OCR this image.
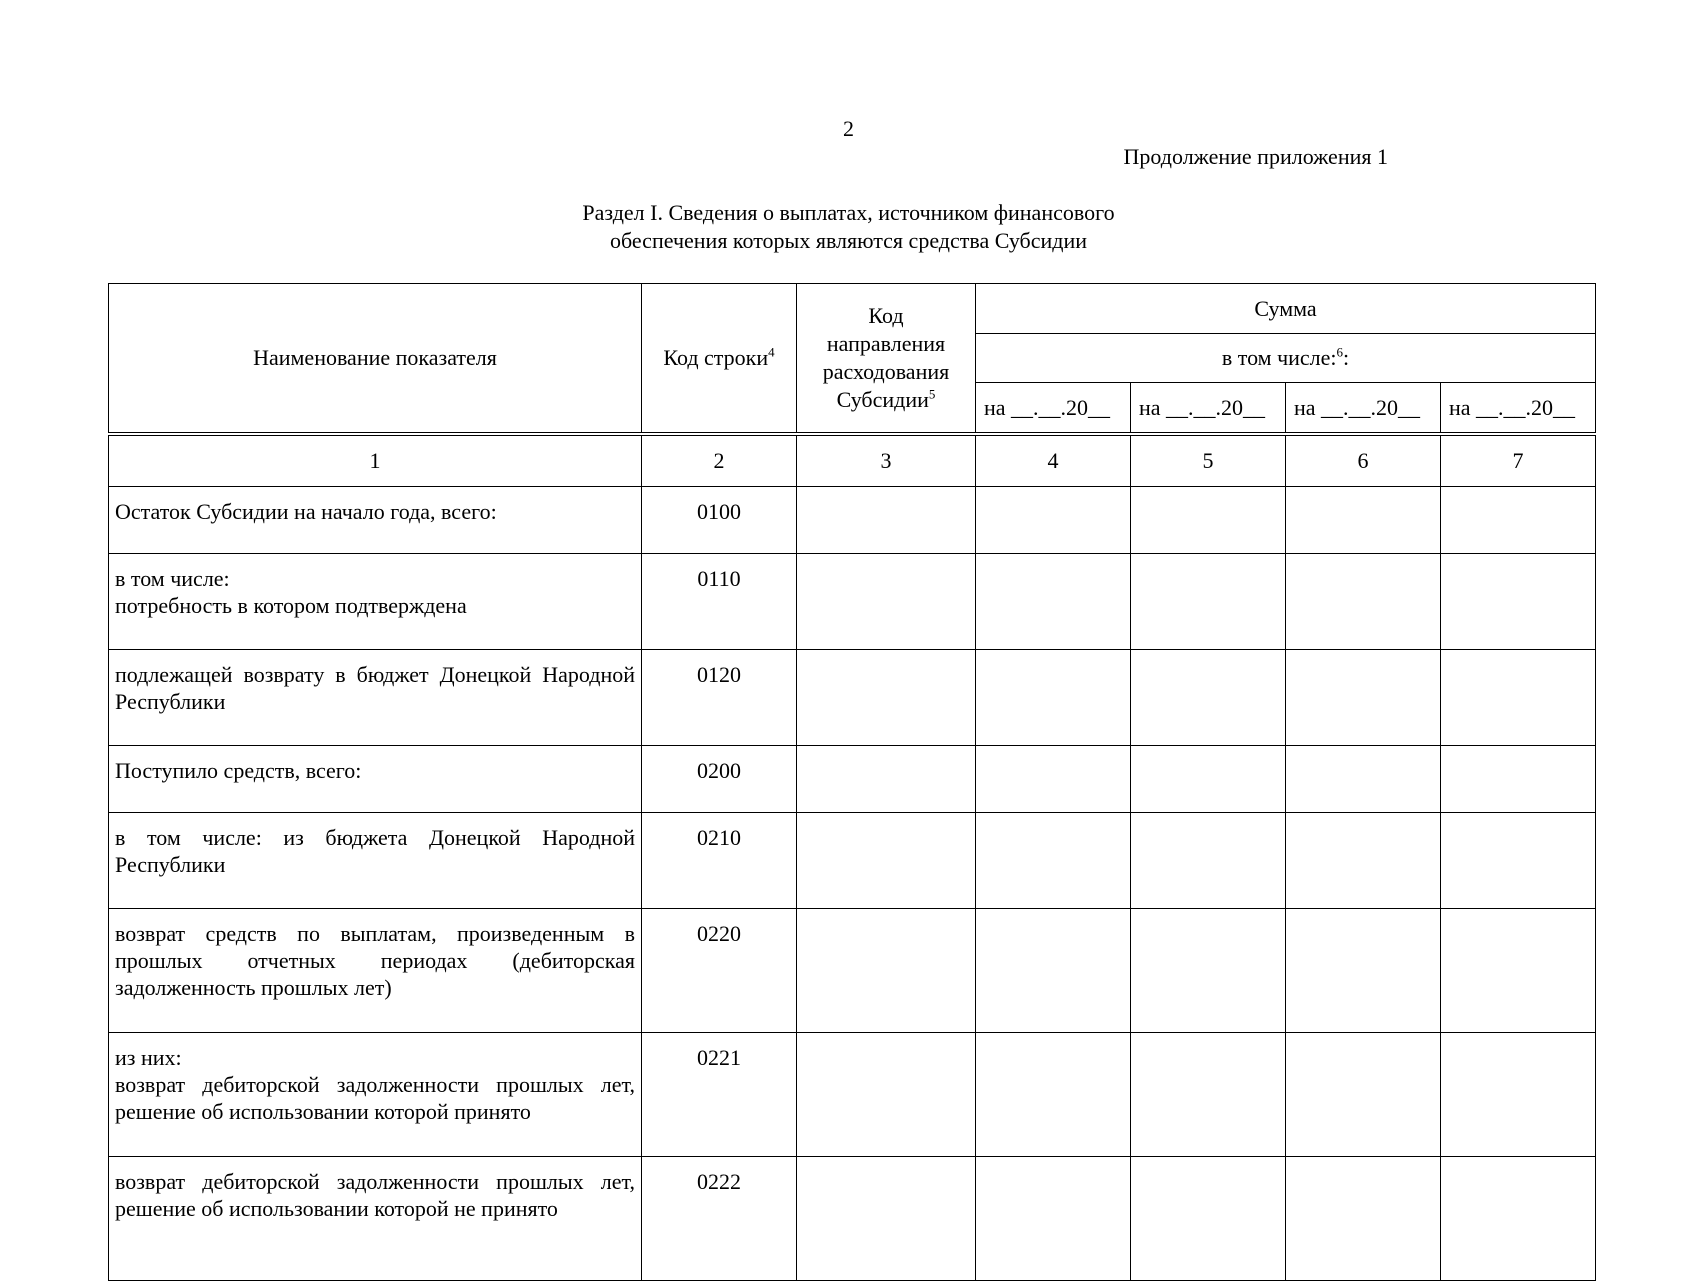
2
Продолжение приложения 1
Раздел I. Сведения о выплатах, источником финансового
обеспечения которых являются средства Субсидии
Наименование показателя	Код строки$^4$	Код
направления
расходования
Субсидии$^5$	Сумма			
			в том числе:$^6$:			
			на __.__.20__	на __.__.20__	на __.__.20__	на __.__.20__
1	2	3	4	5	6	7

Остаток Субсидии на начало года, всего:	0100					

в том числе:
потребность в котором подтверждена	0110					

подлежащей возврату в бюджет Донецкой Народной Республики	0120					

Поступило средств, всего:	0200					

в том числе: из бюджета Донецкой Народной Республики	0210					

возврат средств по выплатам, произведенным в прошлых отчетных периодах (дебиторская задолженность прошлых лет)	0220					

из них:
возврат дебиторской задолженности прошлых лет, решение об использовании которой принято	0221					

возврат дебиторской задолженности прошлых лет, решение об использовании которой не принято	0222					
